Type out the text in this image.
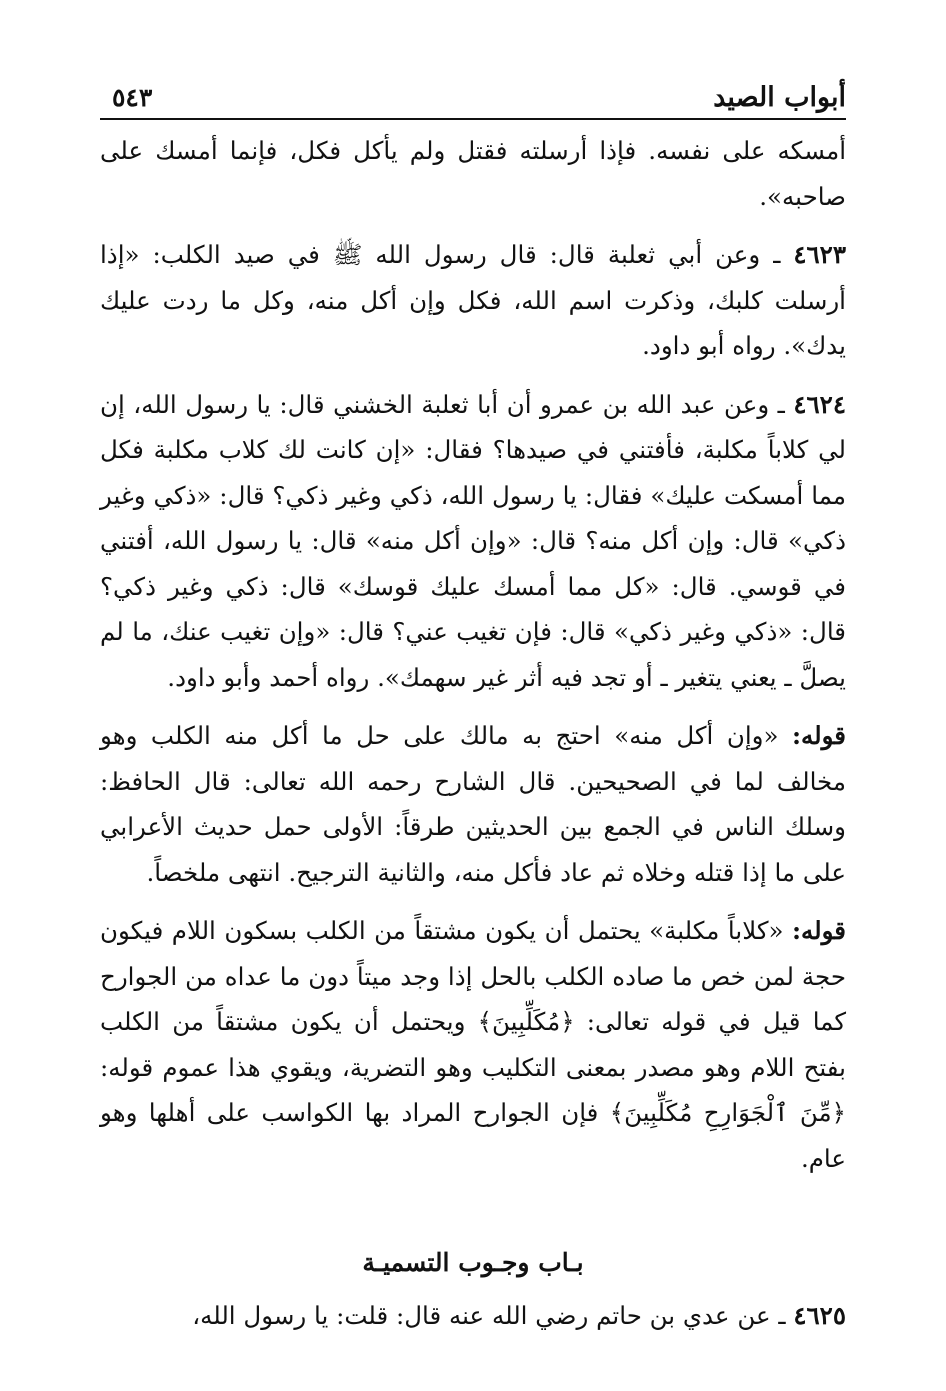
أبواب الصيد
٥٤٣

أمسكه على نفسه. فإذا أرسلته فقتل ولم يأكل فكل، فإنما أمسك على صاحبه».

٤٦٢٣ ـ وعن أبي ثعلبة قال: قال رسول الله ﷺ في صيد الكلب: «إذا أرسلت كلبك، وذكرت اسم الله، فكل وإن أكل منه، وكل ما ردت عليك يدك». رواه أبو داود.

٤٦٢٤ ـ وعن عبد الله بن عمرو أن أبا ثعلبة الخشني قال: يا رسول الله، إن لي كلاباً مكلبة، فأفتني في صيدها؟ فقال: «إن كانت لك كلاب مكلبة فكل مما أمسكت عليك» فقال: يا رسول الله، ذكي وغير ذكي؟ قال: «ذكي وغير ذكي» قال: وإن أكل منه؟ قال: «وإن أكل منه» قال: يا رسول الله، أفتني في قوسي. قال: «كل مما أمسك عليك قوسك» قال: ذكي وغير ذكي؟ قال: «ذكي وغير ذكي» قال: فإن تغيب عني؟ قال: «وإن تغيب عنك، ما لم يصلَّ ـ يعني يتغير ـ أو تجد فيه أثر غير سهمك». رواه أحمد وأبو داود.

قوله: «وإن أكل منه» احتج به مالك على حل ما أكل منه الكلب وهو مخالف لما في الصحيحين. قال الشارح رحمه الله تعالى: قال الحافظ: وسلك الناس في الجمع بين الحديثين طرقاً: الأولى حمل حديث الأعرابي على ما إذا قتله وخلاه ثم عاد فأكل منه، والثانية الترجيح. انتهى ملخصاً.

قوله: «كلاباً مكلبة» يحتمل أن يكون مشتقاً من الكلب بسكون اللام فيكون حجة لمن خص ما صاده الكلب بالحل إذا وجد ميتاً دون ما عداه من الجوارح كما قيل في قوله تعالى: ﴿مُكَلِّبِينَ﴾ ويحتمل أن يكون مشتقاً من الكلب بفتح اللام وهو مصدر بمعنى التكليب وهو التضرية، ويقوي هذا عموم قوله: ﴿مِّنَ ٱلْجَوَارِحِ مُكَلِّبِينَ﴾ فإن الجوارح المراد بها الكواسب على أهلها وهو عام.

بـاب وجـوب التسميـة

٤٦٢٥ ـ عن عدي بن حاتم رضي الله عنه قال: قلت: يا رسول الله،
